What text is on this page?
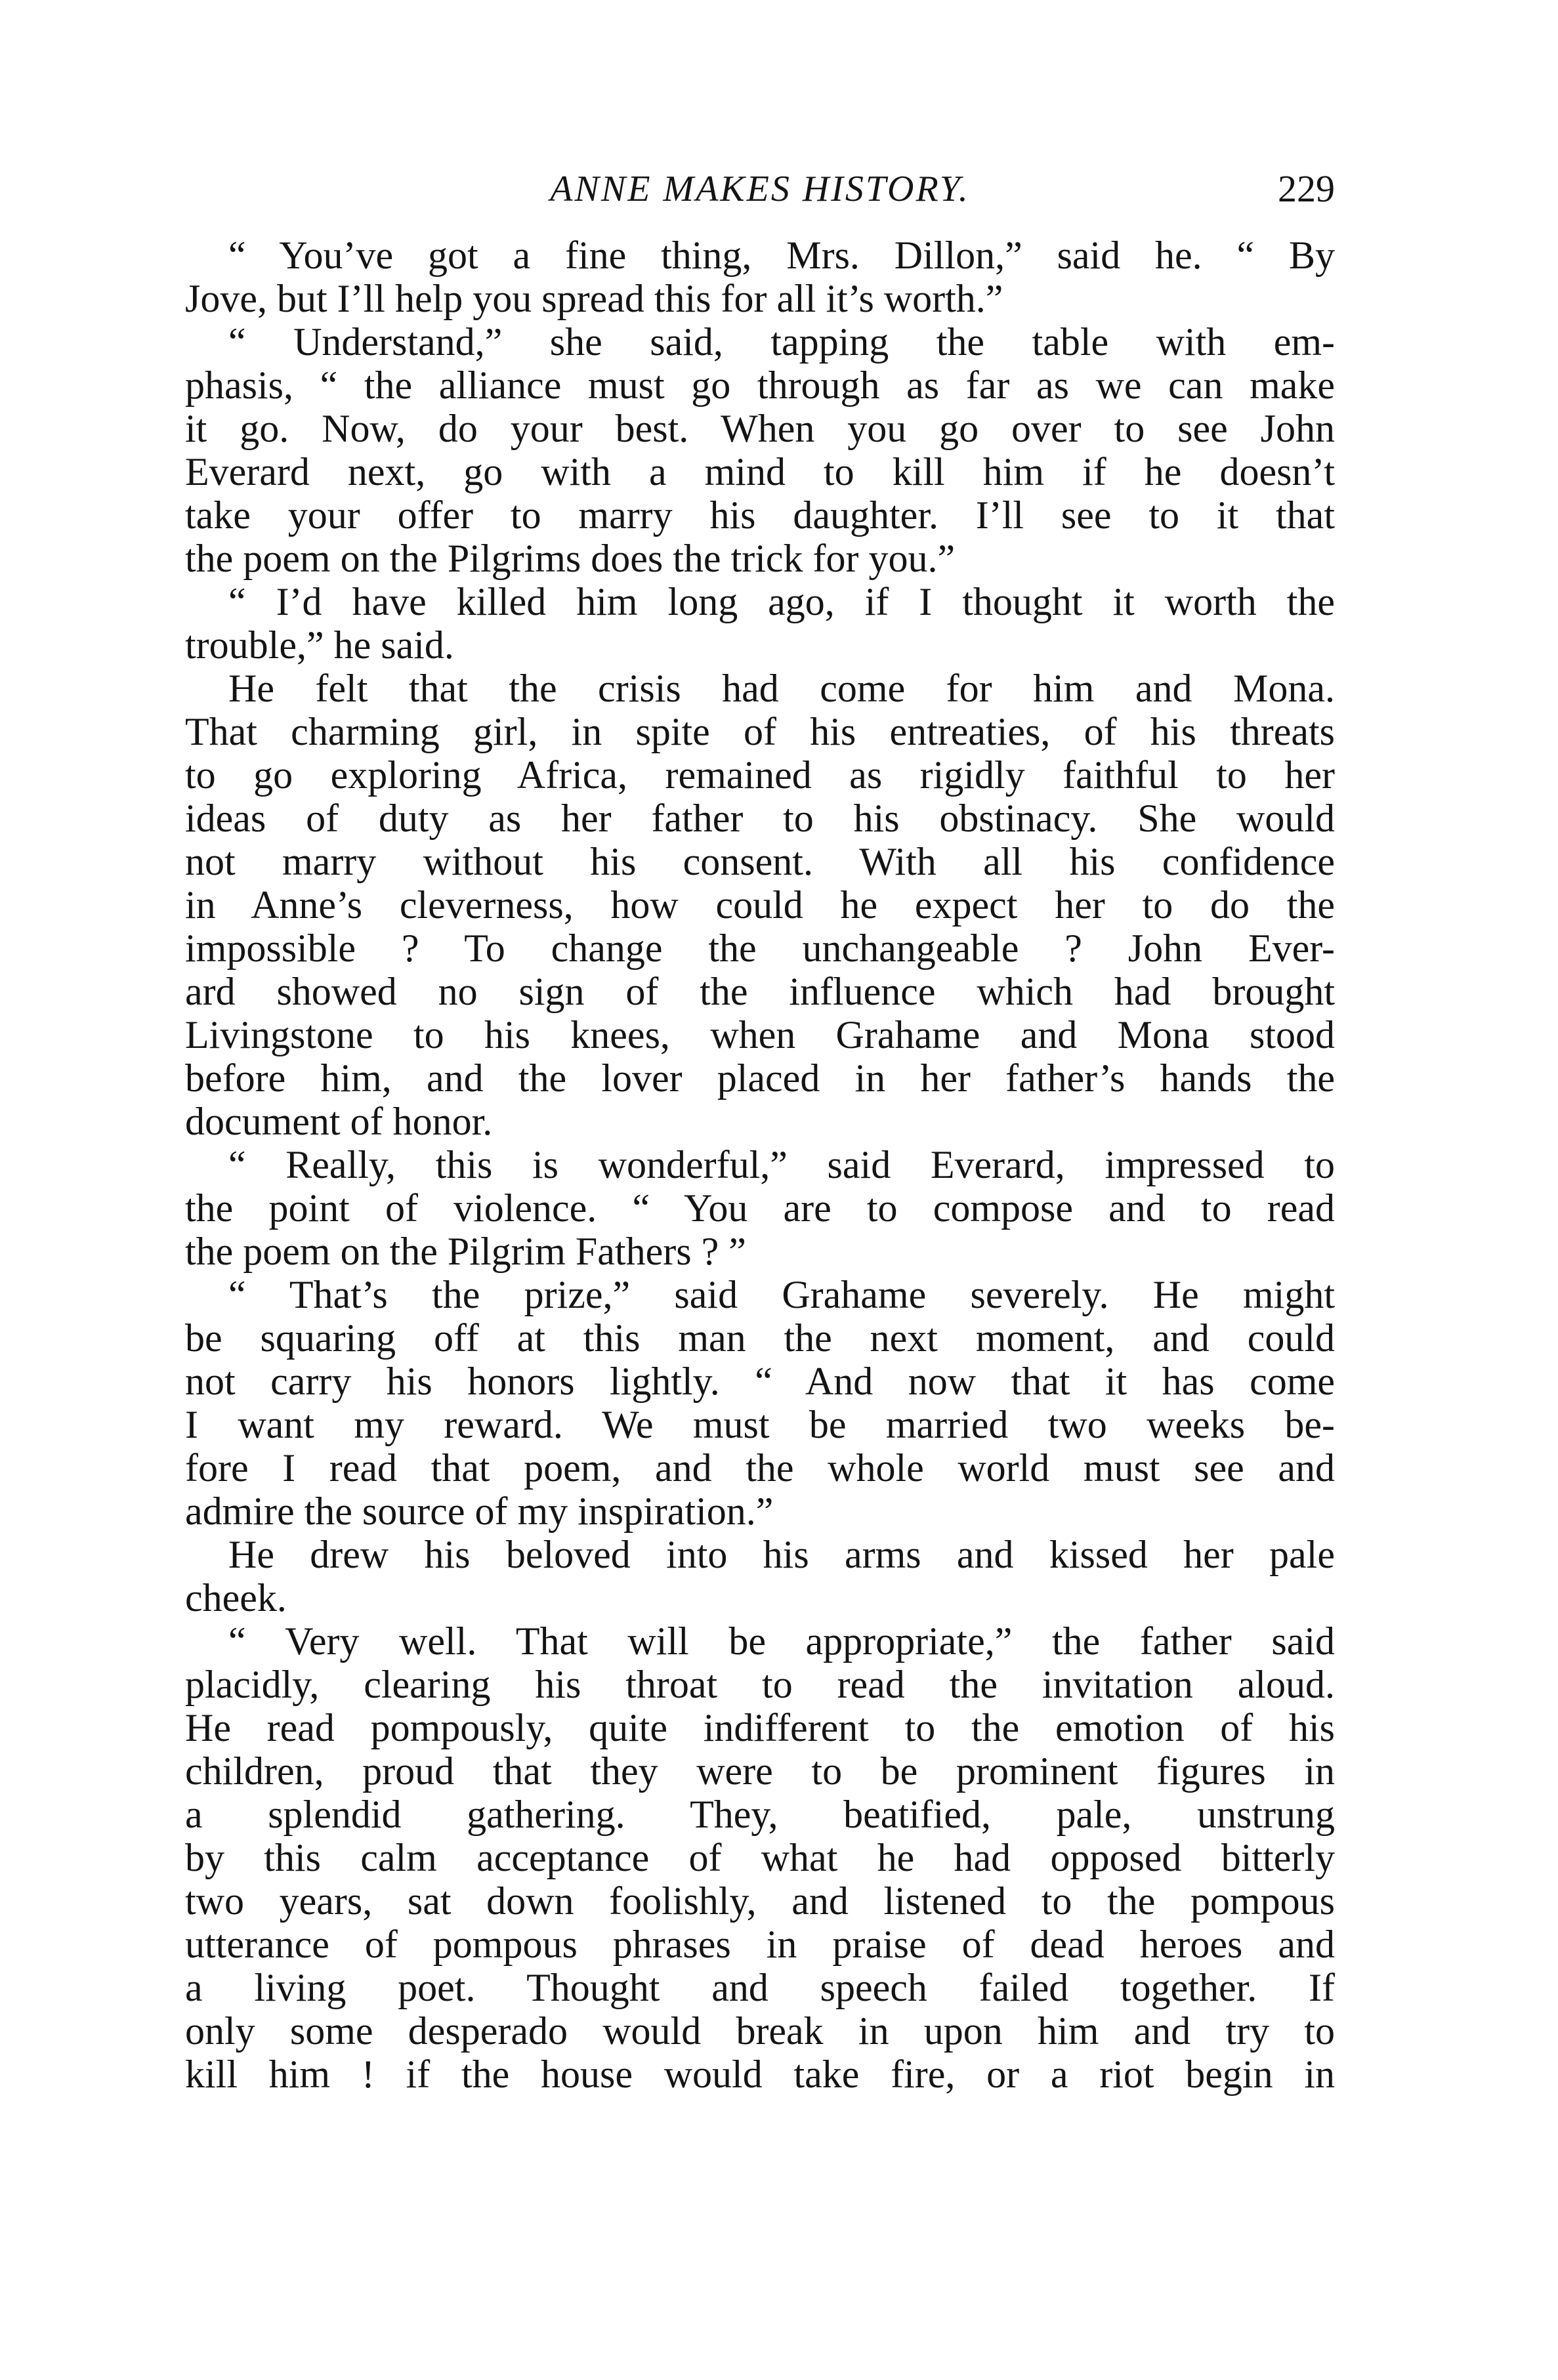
ANNE MAKES HISTORY.	229
“ You’ve got a fine thing, Mrs. Dillon,” said he. “ By
Jove, but I’ll help you spread this for all it’s worth.”
“ Understand,” she said, tapping the table with em-
phasis, “ the alliance must go through as far as we can make
it go. Now, do your best. When you go over to see John
Everard next, go with a mind to kill him if he doesn’t
take your offer to marry his daughter. I’ll see to it that
the poem on the Pilgrims does the trick for you.”
“ I’d have killed him long ago, if I thought it worth the
trouble,” he said.
He felt that the crisis had come for him and Mona.
That charming girl, in spite of his entreaties, of his threats
to go exploring Africa, remained as rigidly faithful to her
ideas of duty as her father to his obstinacy. She would
not marry without his consent. With all his confidence
in Anne’s cleverness, how could he expect her to do the
impossible ? To change the unchangeable ? John Ever-
ard showed no sign of the influence which had brought
Livingstone to his knees, when Grahame and Mona stood
before him, and the lover placed in her father’s hands the
document of honor.
“ Really, this is wonderful,” said Everard, impressed to
the point of violence. “ You are to compose and to read
the poem on the Pilgrim Fathers ? ”
“ That’s the prize,” said Grahame severely. He might
be squaring off at this man the next moment, and could
not carry his honors lightly. “ And now that it has come
I want my reward. We must be married two weeks be-
fore I read that poem, and the whole world must see and
admire the source of my inspiration.”
He drew his beloved into his arms and kissed her pale
cheek.
“ Very well. That will be appropriate,” the father said
placidly, clearing his throat to read the invitation aloud.
He read pompously, quite indifferent to the emotion of his
children, proud that they were to be prominent figures in
a splendid gathering. They, beatified, pale, unstrung
by this calm acceptance of what he had opposed bitterly
two years, sat down foolishly, and listened to the pompous
utterance of pompous phrases in praise of dead heroes and
a living poet. Thought and speech failed together. If
only some desperado would break in upon him and try to
kill him ! if the house would take fire, or a riot begin in
